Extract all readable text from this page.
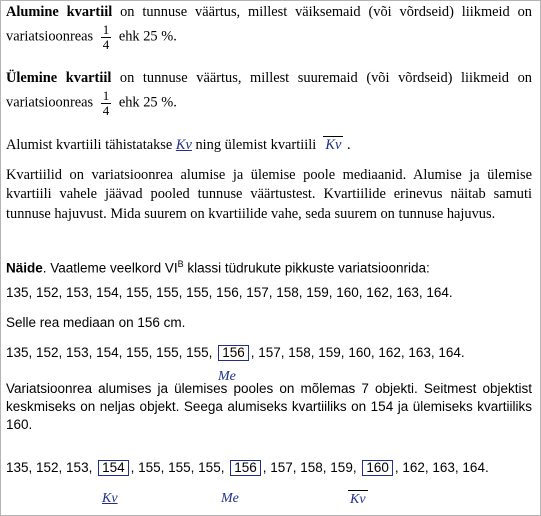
Alumine kvartiil on tunnuse väärtus, millest väiksemaid (või võrdseid) liikmeid on variatsioonreas $\frac{1}{4}$ ehk 25 %.

Ülemine kvartiil on tunnuse väärtus, millest suuremaid (või võrdseid) liikmeid on variatsioonreas $\frac{1}{4}$ ehk 25 %.

Alumist kvartiili tähistatakse Kv ning ülemist kvartiili Kv .

Kvartiilid on variatsioonrea alumise ja ülemise poole mediaanid. Alumise ja ülemise kvartiili vahele jäävad pooled tunnuse väärtustest. Kvartiilide erinevus näitab samuti tunnuse hajuvust. Mida suurem on kvartiilide vahe, seda suurem on tunnuse hajuvus.

Näide. Vaatleme veelkord $VI^B$ klassi tüdrukute pikkuste variatsioonrida:

135, 152, 153, 154, 155, 155, 155, 156, 157, 158, 159, 160, 162, 163, 164.

Selle rea mediaan on 156 cm.

135, 152, 153, 154, 155, 155, 155, 156 , 157, 158, 159, 160, 162, 163, 164.

Me

Variatsioonrea alumises ja ülemises pooles on mõlemas 7 objekti. Seitmest objektist keskmiseks on neljas objekt. Seega alumiseks kvartiiliks on 154 ja ülemiseks kvartiiliks 160.

135, 152, 153, 154 , 155, 155, 155, 156 , 157, 158, 159, 160 , 162, 163, 164.

Kv	Me	Kv
